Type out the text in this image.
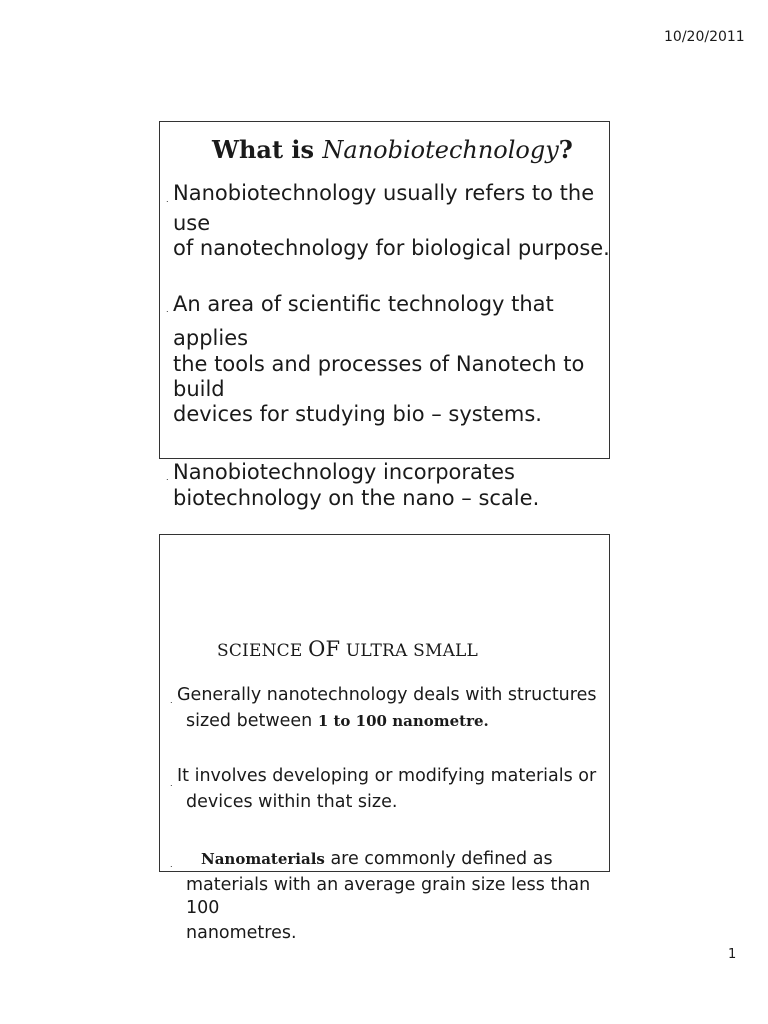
10/20/2011
What is Nanobiotechnology?
. Nanobiotechnology usually refers to the
use
of nanotechnology for biological purpose.
. An area of scientific technology that
applies
the tools and processes of Nanotech to
build
devices for studying bio – systems.
. Nanobiotechnology incorporates
biotechnology on the nano – scale.
SCIENCE OF ULTRA SMALL
. Generally nanotechnology deals with structures
sized between 1 to 100 nanometre.
. It involves developing or modifying materials or
devices within that size.
. Nanomaterials are commonly defined as
materials with an average grain size less than
100
nanometres.
1
